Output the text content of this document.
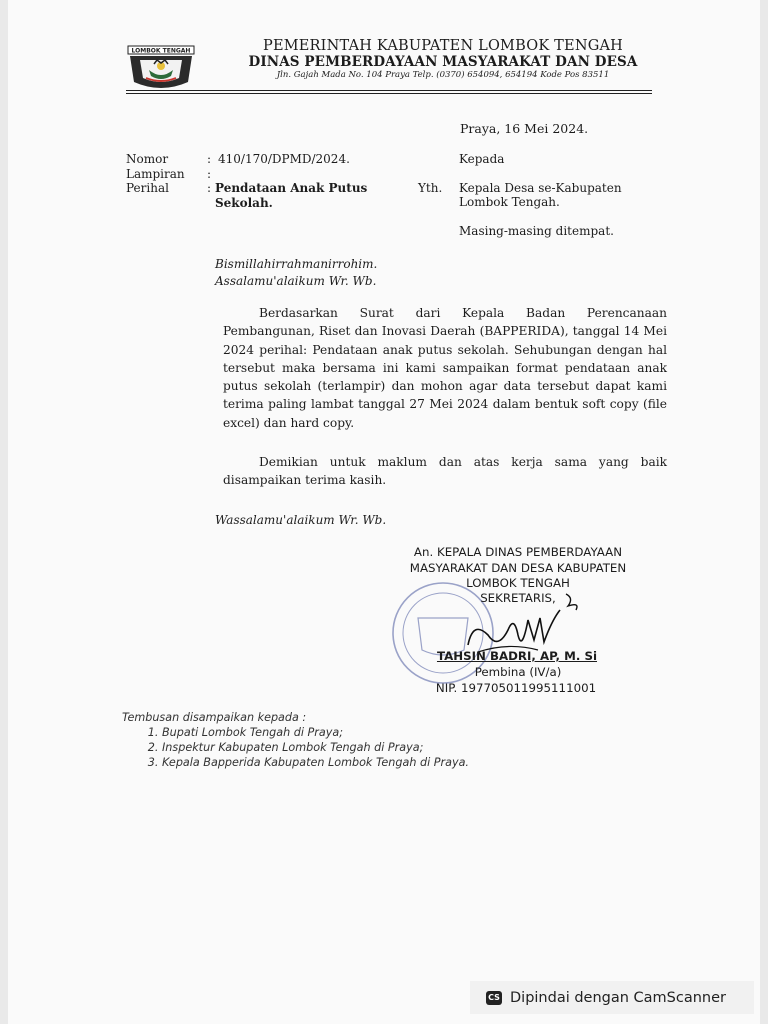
LOMBOK TENGAH	PEMERINTAH KABUPATEN LOMBOK TENGAH
DINAS PEMBERDAYAAN MASYARAKAT DAN DESA
Jln. Gajah Mada No. 104 Praya Telp. (0370) 654094, 654194 Kode Pos 83511
Praya, 16 Mei 2024.
Nomor	: 410/170/DPMD/2024.
Lampiran :
Perihal	: Pendataan Anak Putus
Sekolah.
Kepada
Yth. Kepala Desa se-Kabupaten
Lombok Tengah.
Masing-masing ditempat.
Bismillahirrahmanirrohim.
Assalamu'alaikum Wr. Wb.
Berdasarkan Surat dari Kepala Badan Perencanaan Pembangunan, Riset dan Inovasi Daerah (BAPPERIDA), tanggal 14 Mei 2024 perihal: Pendataan anak putus sekolah. Sehubungan dengan hal tersebut maka bersama ini kami sampaikan format pendataan anak putus sekolah (terlampir) dan mohon agar data tersebut dapat kami terima paling lambat tanggal 27 Mei 2024 dalam bentuk soft copy (file excel) dan hard copy.
Demikian untuk maklum dan atas kerja sama yang baik disampaikan terima kasih.
Wassalamu'alaikum Wr. Wb.
An. KEPALA DINAS PEMBERDAYAAN
MASYARAKAT DAN DESA KABUPATEN
LOMBOK TENGAH
SEKRETARIS,
TAHSIN BADRI, AP, M. Si
Pembina (IV/a)
NIP. 197705011995111001
Tembusan disampaikan kepada :
1. Bupati Lombok Tengah di Praya;
2. Inspektur Kabupaten Lombok Tengah di Praya;
3. Kepala Bapperida Kabupaten Lombok Tengah di Praya.
CS Dipindai dengan CamScanner
